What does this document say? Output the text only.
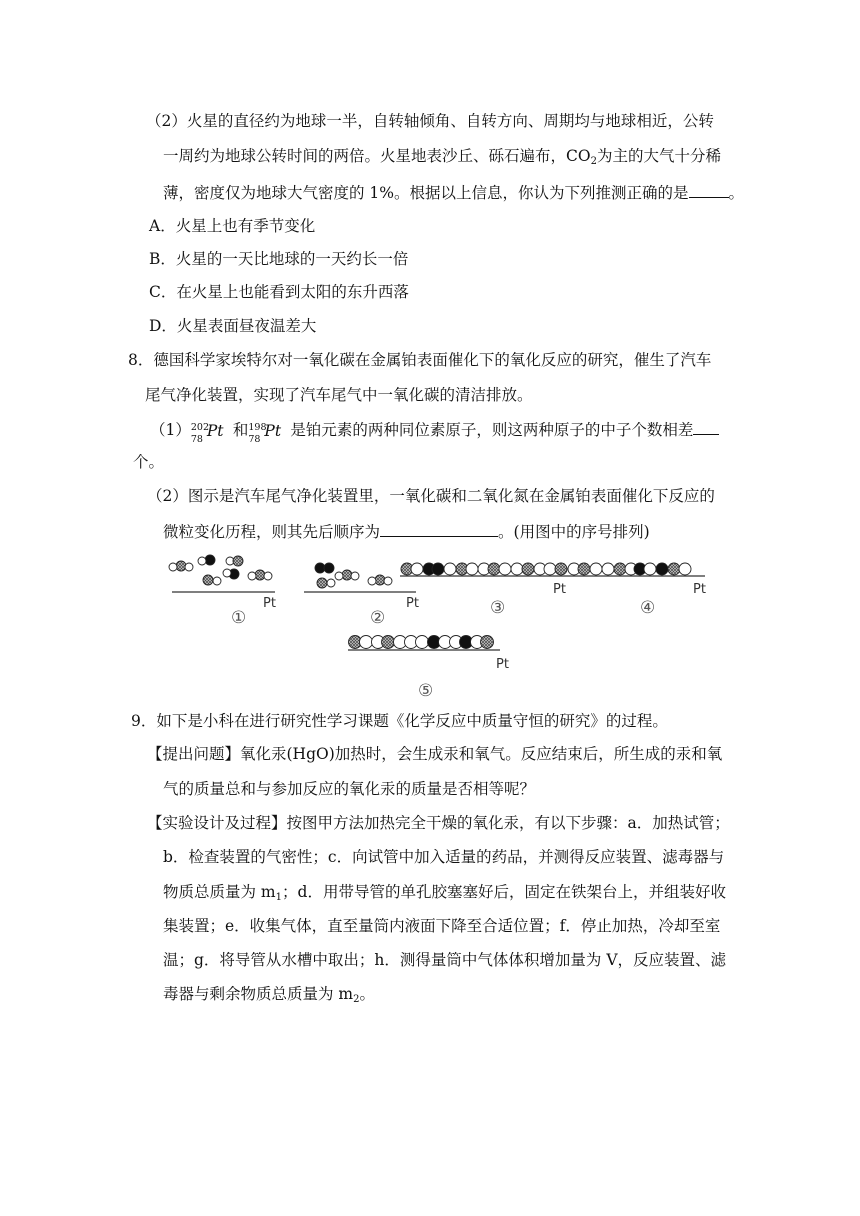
（2）火星的直径约为地球一半，自转轴倾角、自转方向、周期均与地球相近，公转
一周约为地球公转时间的两倍。火星地表沙丘、砾石遍布，$CO_2$为主的大气十分稀
薄，密度仅为地球大气密度的 1%。根据以上信息，你认为下列推测正确的是	。
A．火星上也有季节变化
B．火星的一天比地球的一天约长一倍
C．在火星上也能看到太阳的东升西落
D．火星表面昼夜温差大
8．德国科学家埃特尔对一氧化碳在金属铂表面催化下的氧化反应的研究，催生了汽车
尾气净化装置，实现了汽车尾气中一氧化碳的清洁排放。
（1） 202
78 Pt 和 198
78 Pt 是铂元素的两种同位素原子，则这两种原子的中子个数相差
个。
（2）图示是汽车尾气净化装置里，一氧化碳和二氧化氮在金属铂表面催化下反应的
微粒变化历程，则其先后顺序为	。(用图中的序号排列)
Pt	Pt
Pt	Pt
Pt
①	②	③	④
⑤
9．如下是小科在进行研究性学习课题《化学反应中质量守恒的研究》的过程。
【提出问题】氧化汞(HgO)加热时，会生成汞和氧气。反应结束后，所生成的汞和氧
气的质量总和与参加反应的氧化汞的质量是否相等呢？
【实验设计及过程】按图甲方法加热完全干燥的氧化汞，有以下步骤：a．加热试管；
b．检查装置的气密性；c．向试管中加入适量的药品，并测得反应装置、滤毒器与
物质总质量为 $m_1$；d．用带导管的单孔胶塞塞好后，固定在铁架台上，并组装好收
集装置；e．收集气体，直至量筒内液面下降至合适位置；f．停止加热，冷却至室
温；g．将导管从水槽中取出；h．测得量筒中气体体积增加量为 V，反应装置、滤
毒器与剩余物质总质量为 $m_2$。
